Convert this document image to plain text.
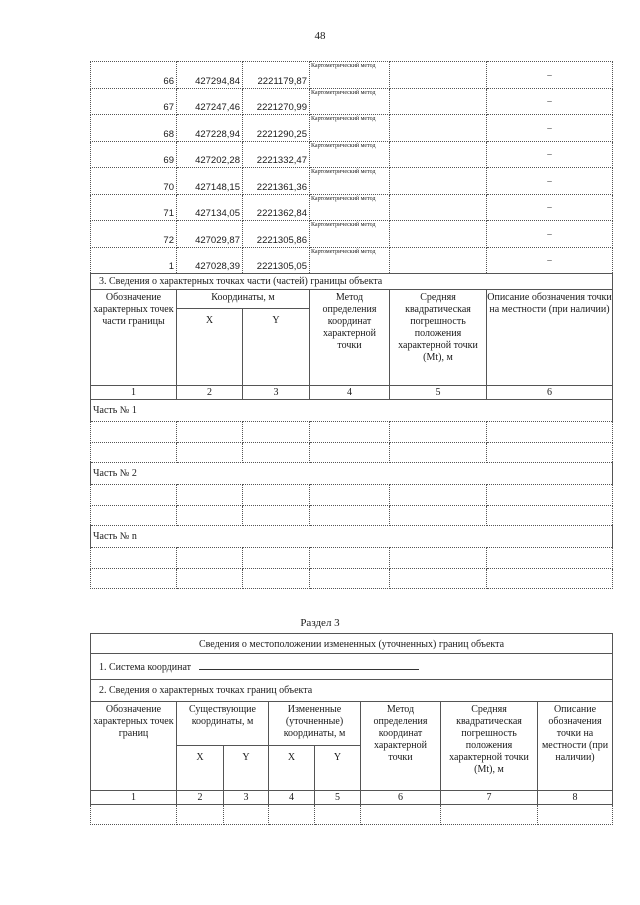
48
66	427294,84	2221179,87	Картометрический метод		–
67	427247,46	2221270,99	Картометрический метод		–
68	427228,94	2221290,25	Картометрический метод		–
69	427202,28	2221332,47	Картометрический метод		–
70	427148,15	2221361,36	Картометрический метод		–
71	427134,05	2221362,84	Картометрический метод		–
72	427029,87	2221305,86	Картометрический метод		–
1	427028,39	2221305,05	Картометрический метод		–
3. Сведения о характерных точках части (частей) границы объекта					
Обозначение характерных точек части границы	Координаты, м		Метод определения координат характерной точки	Средняя квадратическая погрешность положения характерной точки (Mt), м	Описание обозначения точки на местности (при наличии)
	X	Y			
1	2	3	4	5	6
Часть № 1					

Часть № 2					

Часть № n					

Раздел 3
Сведения о местоположении измененных (уточненных) границ объекта							
1. Система координат							
2. Сведения о характерных точках границ объекта							
Обозначение характерных точек границ	Существующие координаты, м		Измененные (уточненные) координаты, м		Метод определения координат характерной точки	Средняя квадратическая погрешность положения характерной точки (Mt), м	Описание обозначения точки на местности (при наличии)
	X	Y	X	Y			
1	2	3	4	5	6	7	8
